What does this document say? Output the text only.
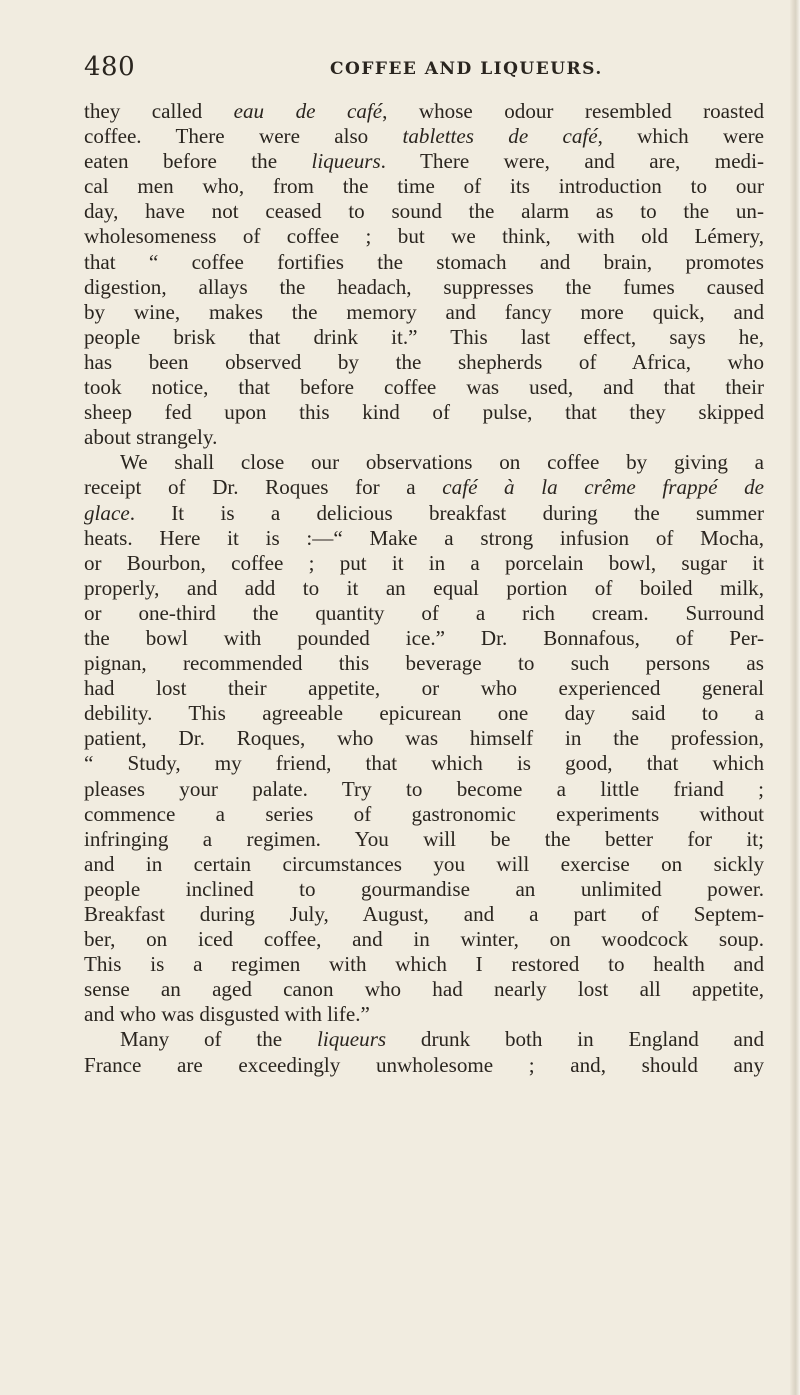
480	COFFEE AND LIQUEURS.
they called eau de café, whose odour resembled roasted
coffee. There were also tablettes de café, which were
eaten before the liqueurs. There were, and are, medi-
cal men who, from the time of its introduction to our
day, have not ceased to sound the alarm as to the un-
wholesomeness of coffee ; but we think, with old Lémery,
that “ coffee fortifies the stomach and brain, promotes
digestion, allays the headach, suppresses the fumes caused
by wine, makes the memory and fancy more quick, and
people brisk that drink it.” This last effect, says he,
has been observed by the shepherds of Africa, who
took notice, that before coffee was used, and that their
sheep fed upon this kind of pulse, that they skipped
about strangely.
We shall close our observations on coffee by giving a
receipt of Dr. Roques for a café à la crême frappé de
glace. It is a delicious breakfast during the summer
heats. Here it is :—“ Make a strong infusion of Mocha,
or Bourbon, coffee ; put it in a porcelain bowl, sugar it
properly, and add to it an equal portion of boiled milk,
or one-third the quantity of a rich cream. Surround
the bowl with pounded ice.” Dr. Bonnafous, of Per-
pignan, recommended this beverage to such persons as
had lost their appetite, or who experienced general
debility. This agreeable epicurean one day said to a
patient, Dr. Roques, who was himself in the profession,
“ Study, my friend, that which is good, that which
pleases your palate. Try to become a little friand ;
commence a series of gastronomic experiments without
infringing a regimen. You will be the better for it;
and in certain circumstances you will exercise on sickly
people inclined to gourmandise an unlimited power.
Breakfast during July, August, and a part of Septem-
ber, on iced coffee, and in winter, on woodcock soup.
This is a regimen with which I restored to health and
sense an aged canon who had nearly lost all appetite,
and who was disgusted with life.”
Many of the liqueurs drunk both in England and
France are exceedingly unwholesome ; and, should any
